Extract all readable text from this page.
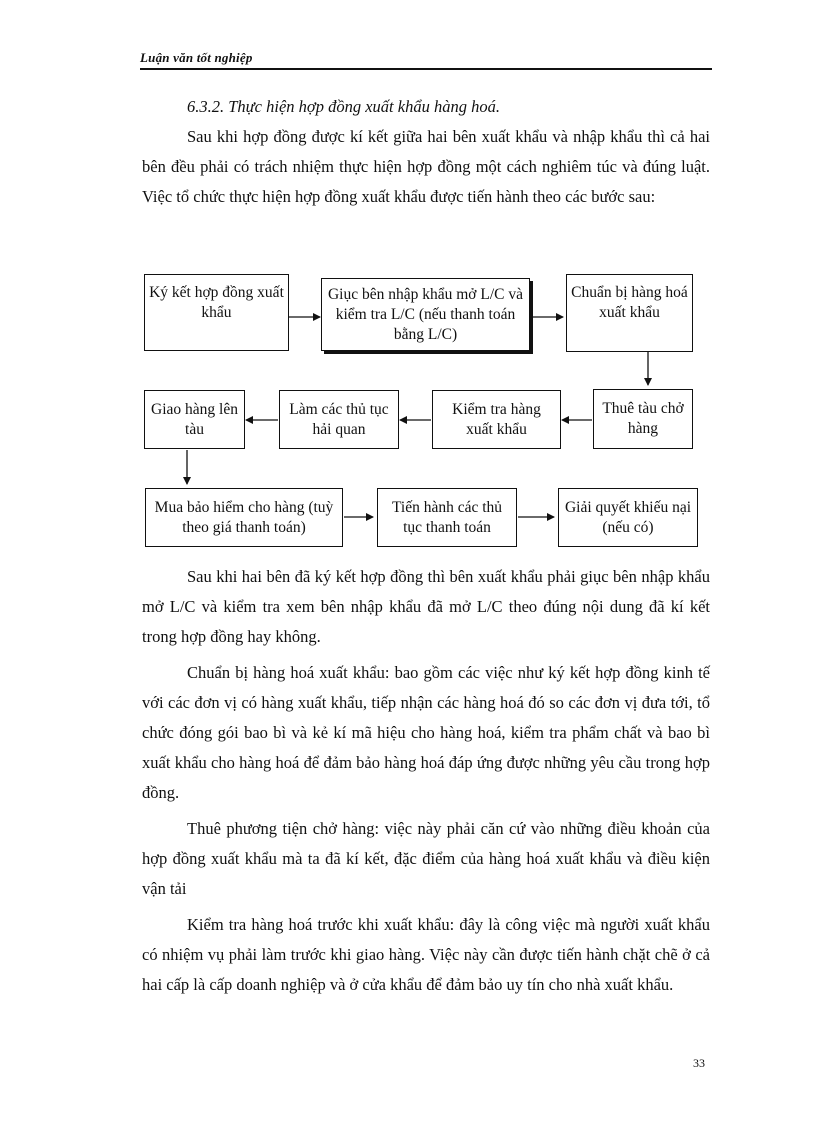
Luận văn tốt nghiệp

6.3.2. Thực hiện hợp đồng xuất khẩu hàng hoá.

Sau khi hợp đồng được kí kết giữa hai bên xuất khẩu và nhập khẩu thì cả hai bên đều phải có trách nhiệm thực hiện hợp đồng một cách nghiêm túc và đúng luật. Việc tổ chức thực hiện hợp đồng xuất khẩu được tiến hành theo các bước sau:

Ký kết hợp đồng xuất khẩu
Giục bên nhập khẩu mở L/C và kiểm tra L/C (nếu thanh toán bằng L/C)
Chuẩn bị hàng hoá xuất khẩu
Thuê tàu chở hàng
Kiểm tra hàng xuất khẩu
Làm các thủ tục hải quan
Giao hàng lên tàu
Mua bảo hiểm cho hàng (tuỳ theo giá thanh toán)
Tiến hành các thủ tục thanh toán
Giải quyết khiếu nại (nếu có)

Sau khi hai bên đã ký kết hợp đồng thì bên xuất khẩu phải giục bên nhập khẩu mở L/C và kiểm tra xem bên nhập khẩu đã mở L/C theo đúng nội dung đã kí kết trong hợp đồng hay không.

Chuẩn bị hàng hoá xuất khẩu: bao gồm các việc như ký kết hợp đồng kinh tế với các đơn vị có hàng xuất khẩu, tiếp nhận các hàng hoá đó so các đơn vị đưa tới, tổ chức đóng gói bao bì và kẻ kí mã hiệu cho hàng hoá, kiểm tra phẩm chất và bao bì xuất khẩu cho hàng hoá để đảm bảo hàng hoá đáp ứng được những yêu cầu trong hợp đồng.

Thuê phương tiện chở hàng: việc này phải căn cứ vào những điều khoản của hợp đồng xuất khẩu mà ta đã kí kết, đặc điểm của hàng hoá xuất khẩu và điều kiện vận tải

Kiểm tra hàng hoá trước khi xuất khẩu: đây là công việc mà người xuất khẩu có nhiệm vụ phải làm trước khi giao hàng. Việc này cần được tiến hành chặt chẽ ở cả hai cấp là cấp doanh nghiệp và ở cửa khẩu để đảm bảo uy tín cho nhà xuất khẩu.

33
